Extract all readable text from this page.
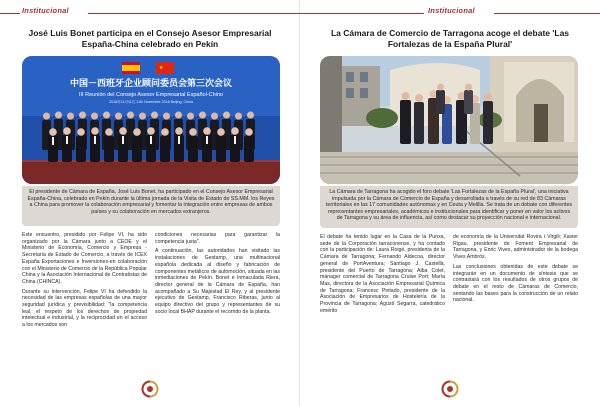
Institucional
José Luis Bonet participa en el Consejo Asesor Empresarial España-China celebrado en Pekín
★
中国－西班牙企业顾问委员会第三次会议
III Reunión del Consejo Asesor Empresarial Español-Chino
2018年11月11日 11th November 2018 Beijing, China
El presidente de Cámara de España, José Luis Bonet, ha participado en el Consejo Asesor Empresarial España-China, celebrado en Pekín durante la última jornada de la Visita de Estado de SS.MM. los Reyes a China para promover la colaboración empresarial y fomentar la integración entre empresas de ambos países y su colaboración en mercados extranjeros.

Este encuentro, presidido por Felipe VI, ha sido organizado por la Cámara junto a CEOE y el Ministerio de Economía, Comercio y Empresa - Secretaría de Estado de Comercio, a través de ICEX España Exportaciones e Inversiones-en colaboración con el Ministerio de Comercio de la República Popular China y la Asociación Internacional de Contratistas de China (CHINCA).

Durante su intervención, Felipe VI ha defendido la necesidad de las empresas españolas de una mayor seguridad jurídica y previsibilidad: "la competencia leal, el respeto de los derechos de propiedad intelectual e industrial, y la reciprocidad en el acceso a los mercados son

condiciones necesarias para garantizar la competencia justa".

A continuación, las autoridades han visitado las instalaciones de Gestamp, una multinacional española dedicada al diseño y fabricación de componentes metálicos de automoción, situada en las inmediaciones de Pekín. Bonet e Inmaculada Riera, director general de la Cámara de España, han acompañado a Su Majestad El Rey, y al presidente ejecutivo de Gestamp, Francisco Riberas, junto al equipo directivo del grupo y representantes de su socio local BHAP durante el recorrido de la planta.

Institucional
La Cámara de Comercio de Tarragona acoge el debate 'Las Fortalezas de la España Plural'
La Cámara de Tarragona ha acogido el foro debate 'Las Fortalezas de la España Plural', una iniciativa impulsada por la Cámara de Comercio de España y desarrollada a través de su red de 83 Cámaras territoriales en las 17 comunidades autónomas y en Ceuta y Melilla. Se trata de un debate con diferentes representantes empresariales, académicos e institucionales para identificar y poner en valor los activos de Tarragona y su área de influencia, así como destacar su proyección nacional e internacional.

El debate ha tenido lugar en la Casa de la Punxa, sede de la Corporación tarraconense, y ha contado con la participación de: Laura Roigé, presidenta de la Cámara de Tarragona; Fernando Aldecoa, director general de PortAventura; Santiago J. Castellà, presidente del Puerto de Tarragona; Alba Colet, mánager comercial de Tarragona Cruise Port; María Mas, directora de la Asociación Empresarial Química de Tarragona; Francesc Pintado, presidente de la Asociación de Empresarios de Hostelería de la Provincia de Tarragona; Agustí Segarra, catedrático emérito

de economía de la Universitat Rovira i Virgili; Xavier Rigau, presidente de Foment Empresarial de Tarragona, y Enric Vives, administrador de la bodega Vives Ambrós.

Las conclusiones obtenidas de este debate se integrarán en un documento de síntesis que se contrastará con los resultados de otros grupos de debate en el resto de Cámaras de Comercio, sentando las bases para la construcción de un relato nacional.
